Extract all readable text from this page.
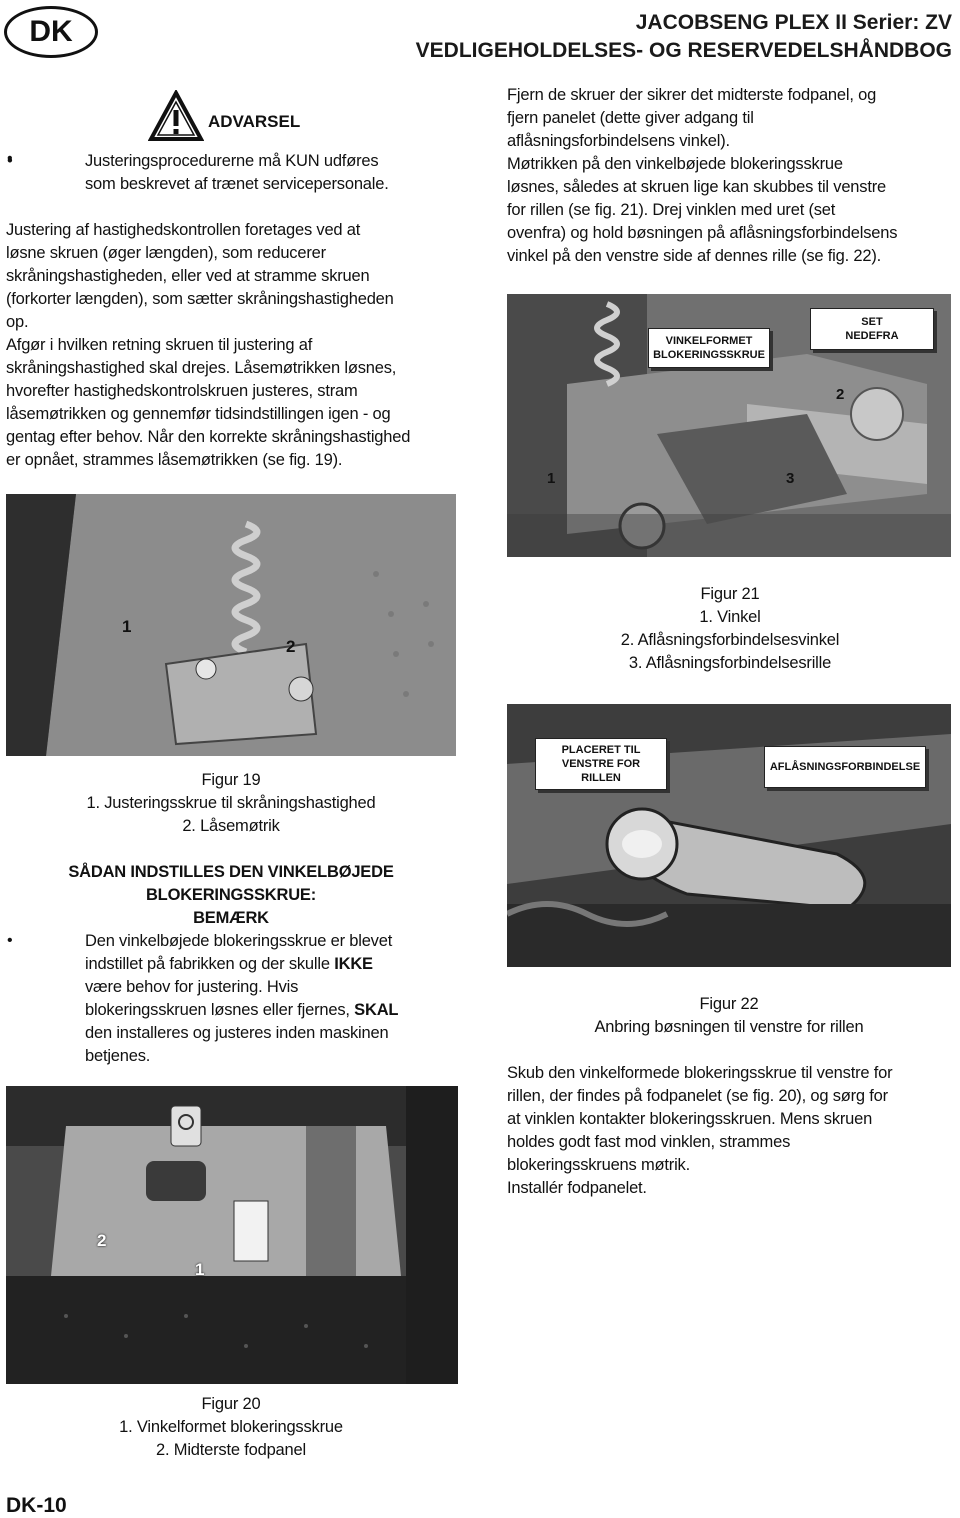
DK	JACOBSENG PLEX II Serier: ZV
VEDLIGEHOLDELSES- OG RESERVEDELSHÅNDBOG
ADVARSEL
Justeringsprocedurerne må KUN udføres
som beskrevet af trænet servicepersonale.
•
Justering af hastighedskontrollen foretages ved at
løsne skruen (øger længden), som reducerer
skråningshastigheden, eller ved at stramme skruen
(forkorter længden), som sætter skråningshastigheden
op.
Afgør i hvilken retning skruen til justering af
skråningshastighed skal drejes. Låsemøtrikken løsnes,
hvorefter hastighedskontrolskruen justeres, stram
låsemøtrikken og gennemfør tidsindstillingen igen - og
gentag efter behov. Når den korrekte skråningshastighed
er opnået, strammes låsemøtrikken (se fig. 19).
Fjern de skruer der sikrer det midterste fodpanel, og
fjern panelet (dette giver adgang til
aflåsningsforbindelsens vinkel).
Møtrikken på den vinkelbøjede blokeringsskrue
løsnes, således at skruen lige kan skubbes til venstre
for rillen (se fig. 21). Drej vinklen med uret (set
ovenfra) og hold bøsningen på aflåsningsforbindelsens
vinkel på den venstre side af dennes rille (se fig. 22).
VINKELFORMET
BLOKERINGSSKRUE
SET
NEDEFRA
2
1	3
Figur 21
1. Vinkel
2. Aflåsningsforbindelsesvinkel
3. Aflåsningsforbindelsesrille
1
2
Figur 19
1. Justeringsskrue til skråningshastighed
2. Låsemøtrik
PLACERET TIL
VENSTRE FOR
RILLEN
AFLÅSNINGSFORBINDELSE
Figur 22
Anbring bøsningen til venstre for rillen
SÅDAN INDSTILLES DEN VINKELBØJEDE
BLOKERINGSSKRUE:
BEMÆRK
•	Den vinkelbøjede blokeringsskrue er blevet
indstillet på fabrikken og der skulle IKKE
være behov for justering. Hvis
blokeringsskruen løsnes eller fjernes, SKAL
den installeres og justeres inden maskinen
betjenes.
Skub den vinkelformede blokeringsskrue til venstre for
rillen, der findes på fodpanelet (se fig. 20), og sørg for
at vinklen kontakter blokeringsskruen. Mens skruen
holdes godt fast mod vinklen, strammes
blokeringsskruens møtrik.
Installér fodpanelet.
2
1
Figur 20
1. Vinkelformet blokeringsskrue
2. Midterste fodpanel
DK-10
